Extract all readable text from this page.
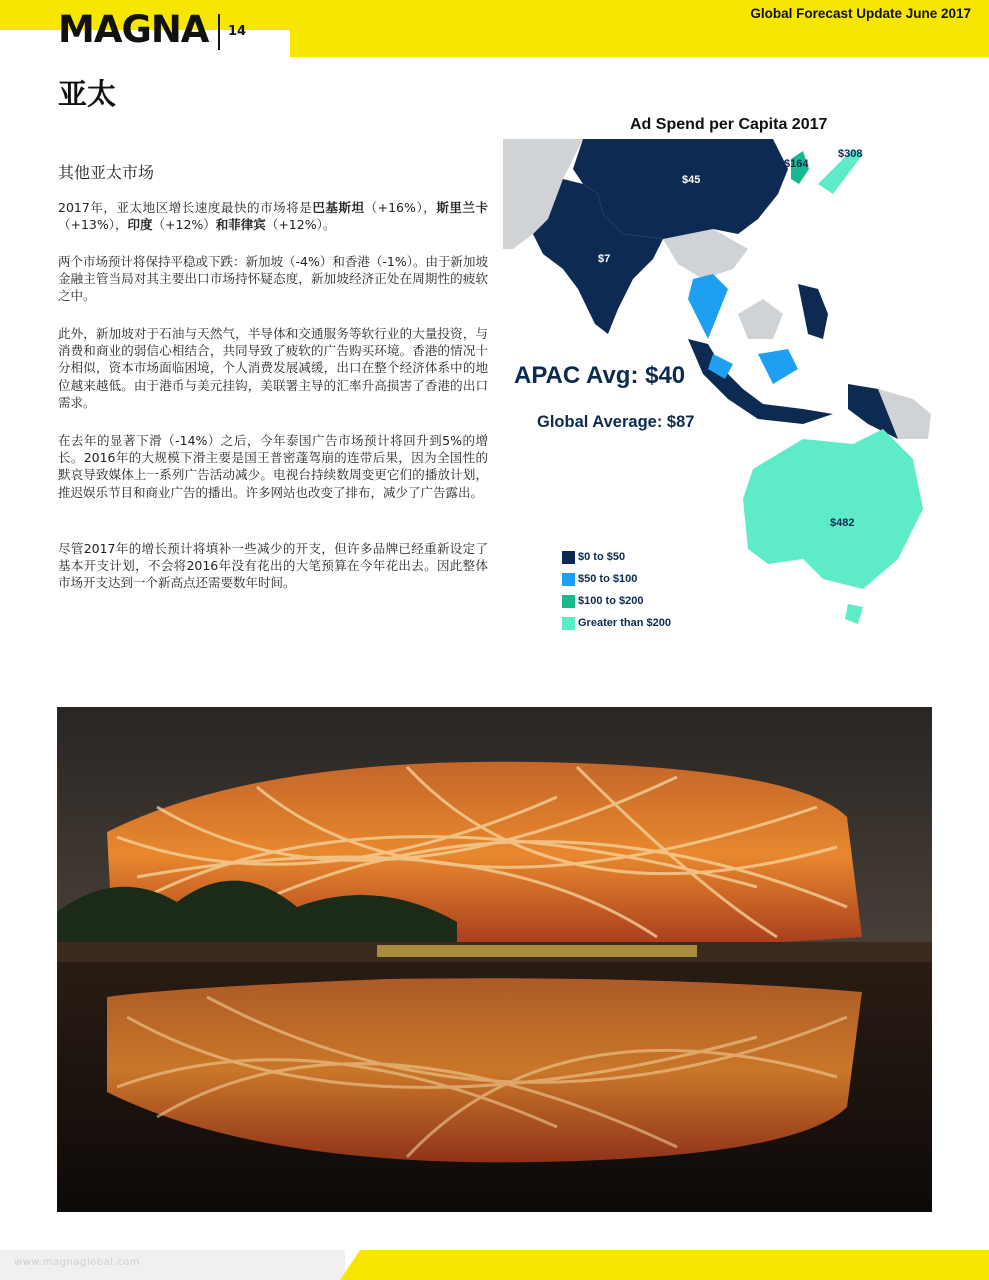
MAGNA 14
Global Forecast Update June 2017
亚太
其他亚太市场

2017年，亚太地区增长速度最快的市场将是巴基斯坦（+16%），斯里兰卡（+13%），印度（+12%）和菲律宾（+12%）。

两个市场预计将保持平稳或下跌：新加坡（-4%）和香港（-1%）。由于新加坡金融主管当局对其主要出口市场持怀疑态度，新加坡经济正处在周期性的疲软之中。

此外，新加坡对于石油与天然气，半导体和交通服务等软行业的大量投资，与消费和商业的弱信心相结合，共同导致了疲软的广告购买环境。香港的情况十分相似，资本市场面临困境，个人消费发展减缓，出口在整个经济体系中的地位越来越低。由于港币与美元挂钩，美联署主导的汇率升高损害了香港的出口需求。

在去年的显著下滑（-14%）之后，今年泰国广告市场预计将回升到5%的增长。2016年的大规模下滑主要是国王普密蓬驾崩的连带后果，因为全国性的默哀导致媒体上一系列广告活动减少。电视台持续数周变更它们的播放计划，推迟娱乐节目和商业广告的播出。许多网站也改变了排布，减少了广告露出。

尽管2017年的增长预计将填补一些减少的开支，但许多品牌已经重新设定了基本开支计划，不会将2016年没有花出的大笔预算在今年花出去。因此整体市场开支达到一个新高点还需要数年时间。

Ad Spend per Capita 2017
$45
$164
$308
$7
$482
APAC Avg: $40
Global Average: $87
$0 to $50
$50 to $100
$100 to $200
Greater than $200
www.magnaglobal.com
